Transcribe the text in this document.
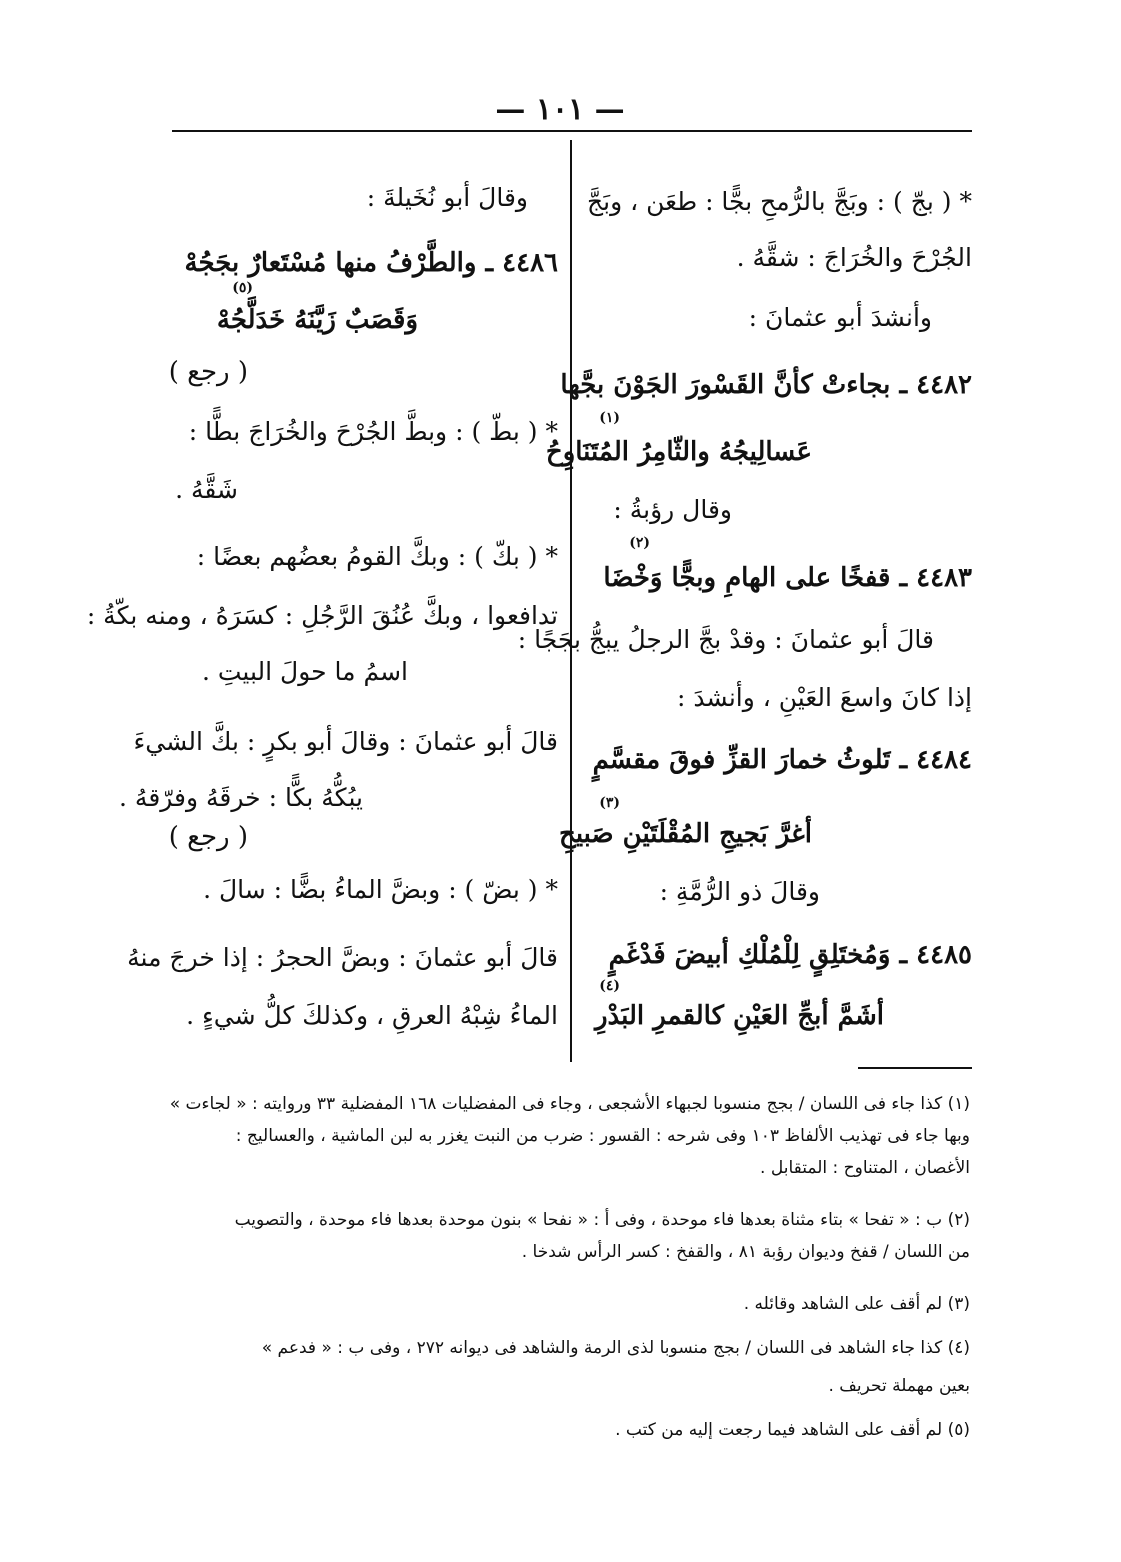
— ١٠١ —
* ( بجّ ) : وبَجَّ بالرُّمحِ بجًّا : طعَن ، وبَجَّ
الجُرْحَ والخُرَاجَ : شقَّهُ .
وأنشدَ أبو عثمانَ :
٤٤٨٢ ـ بجاءتْ كأنَّ القَسْورَ الجَوْنَ بجَّها
(١)
عَسالِيجُهُ والثّامِرُ المُتَنَاوِحُ
وقال رؤبةُ :
(٢)
٤٤٨٣ ـ قفخًا على الهامِ وبجًّا وَخْضَا
قالَ أبو عثمانَ : وقدْ بجَّ الرجلُ يبجُّ بجَجًا :
إذا كانَ واسعَ العَيْنِ ، وأنشدَ :
٤٤٨٤ ـ تَلوثُ خمارَ القزِّ فوقَ مقسَّمٍ
(٣)
أغرَّ بَجيجِ المُقْلَتَيْنِ صَبيحِ
وقالَ ذو الرُّمَّةِ :
٤٤٨٥ ـ وَمُختَلِقٍ لِلْمُلْكِ أبيضَ فَدْغَمٍ
(٤)
أشَمَّ أبجِّ العَيْنِ كالقمرِ البَدْرِ
وقالَ أبو نُخَيلةَ :
٤٤٨٦ ـ والطَّرْفُ منها مُسْتَعارٌ بجَجُهْ
(٥)
وَقَصَبٌ زَيَّنَهُ خَدَلَّجُهْ
( رجع )
* ( بطّ ) : وبطَّ الجُرْحَ والخُرَاجَ بطًّا :
شَقَّهُ .
* ( بكّ ) : وبكَّ القومُ بعضُهم بعضًا :
تدافعوا ، وبكَّ عُنُقَ الرَّجُلِ : كسَرَهُ ، ومنه بكّةُ :
اسمُ ما حولَ البيتِ .
قالَ أبو عثمانَ : وقالَ أبو بكرٍ : بكَّ الشيءَ
يبُكُّهُ بكًّا : خرقَهُ وفرّقهُ .
( رجع )
* ( بضّ ) : وبضَّ الماءُ بضًّا : سالَ .
قالَ أبو عثمانَ : وبضَّ الحجرُ : إذا خرجَ منهُ
الماءُ شِبْهُ العرقِ ، وكذلكَ كلُّ شيءٍ .
(١) كذا جاء فى اللسان / بجج منسوبا لجبهاء الأشجعى ، وجاء فى المفضليات ١٦٨ المفضلية ٣٣ وروايته : « لجاءت »
وبها جاء فى تهذيب الألفاظ ١٠٣ وفى شرحه : القسور : ضرب من النبت يغزر به لبن الماشية ، والعساليج :
الأغصان ، المتناوح : المتقابل .
(٢) ب : « تفحا » بتاء مثناة بعدها فاء موحدة ، وفى أ : « نفحا » بنون موحدة بعدها فاء موحدة ، والتصويب
من اللسان / قفخ وديوان رؤبة ٨١ ، والقفخ : كسر الرأس شدخا .
(٣) لم أقف على الشاهد وقائله .
(٤) كذا جاء الشاهد فى اللسان / بجج منسوبا لذى الرمة والشاهد فى ديوانه ٢٧٢ ، وفى ب : « فدعم »
بعين مهملة تحريف .
(٥) لم أقف على الشاهد فيما رجعت إليه من كتب .
